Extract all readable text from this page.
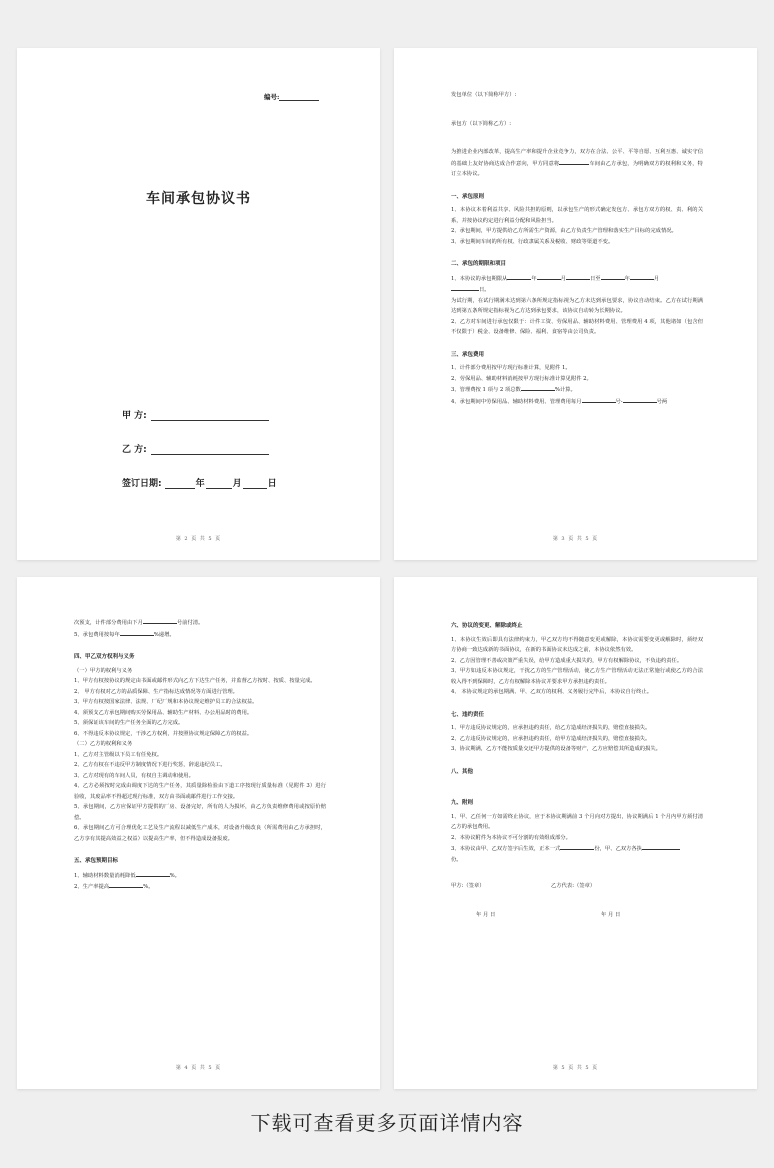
编号:
车间承包协议书
甲 方:
乙 方:
签订日期:	年	月	日
第 2 页 共 5 页

发包单位（以下简称甲方）:

承包方（以下简称乙方）:

为推进企业内部改革，提高生产率和提升企业竞争力，双方在合法、公平、平等自愿、互利互惠、诚实守信的基础上友好协商达成合作意向，甲方同意将	车间由乙方承包，为明确双方的权利和义务，特订立本协议。

一、承包原则

1、本协议本着利益共享、风险共担的原则，以承包生产的形式确定发包方、承包方双方的权、责、利的关系，并按协议约定进行利益分配和风险担当。

2、承包期间，甲方提供给乙方所需生产资源，由乙方负责生产管理和落实生产目标的完成情况。

3、承包期间车间的所有权、行政隶属关系及税收、财政等渠道不变。

二、承包的期限和项目

1、本协议的承包期限从	年	月	日至	年	月
日。

为试行期，在试行期满未达到第六条所规定指标视为乙方未达到承包要求，协议自动结束。乙方在试行期满达到第五条所规定指标视为乙方达到承包要求，该协议自动转为长期协议。

2、乙方对车间进行承包仅限于：计件工资、劳保用品、辅助材料费用、管理费用 4 项，其他诸如（包含但不仅限于）税金、设备维修、保险、福利、食宿等由公司负责。

三、承包费用

1、计件部分费用按甲方现行标准计算，见附件 1。

2、劳保用品、辅助材料消耗按甲方现行标准计算见附件 2。

3、管理费按 1 项与 2 项总数	%计算。

4、承包期间中劳保用品、辅助材料费用、管理费用每月	号-	号两

第 3 页 共 5 页

次预支，计件部分费用由下月	号前付清。

5、承包费用按每年	%递增。

四、甲乙双方权利与义务

（一）甲方的权利与义务

1、甲方有权按协议的规定由书面或邮件形式向乙方下达生产任务，并监督乙方按时、按质、按量完成。

2、 甲方有权对乙方的品质保障、生产指标达成情况等方面进行管理。

3、甲方有权按国家法律、法规、厂纪厂规和本协议规定维护员工的合法权益。

4、须预支乙方承包期间购买劳保用品、辅助生产材料、办公用品时的费用。

5、须保证该车间的生产任务全面的乙方完成。

6、不得违反本协议规定，干涉乙方权利，并按照协议规定保障乙方的权益。

（二）乙方的权利和义务

1、乙方对主管级以下员工有任免权。

2、乙方有权在不违反甲方制度情况下进行奖惩，辞退违纪员工。

3、乙方对现有的车间人员，有权自主调动和使用。

4、乙方必须按时完成由调度下达的生产任务，其质量除检验由下道工序按现行质量标准（见附件 3）进行验收，其废品率不得超过现行标准，双方由书面或邮件进行工作交接。

5、承包期间，乙方应保证甲方提供的厂房、设备完好，所有的人为损坏，由乙方负责维修费用或按原价赔偿。

6、承包期间乙方可合理优化工艺及生产流程以减低生产成本，对设备升级改良（所需费用由乙方承担时，乙方享有其提高效益之权益）以提高生产率，但不得造成设备报废。

五、承包预期目标

1、辅助材料数量消耗降低	%。

2、生产率提高	%。

第 4 页 共 5 页
六、协议的变更、解除或终止

1、本协议生效后即具有法律约束力，甲乙双方均不得随意变更或解除，本协议需要变更或解除时，须经双方协商一致达成新的书面协议，在新的书面协议未达成之前，本协议依然有效。

2、乙方因管理不善或决策严重失误，给甲方造成重大损失的，甲方有权解除协议，不负违约责任。

3、甲方如违反本协议规定，干扰乙方的生产管理活动，使乙方生产管理活动无法正常施行或使乙方的合法收入得不到保障时，乙方有权解除本协议并要求甲方承担违约责任。

4、 本协议规定的承包期满、甲、乙双方的权利、义务履行完毕后，本协议自行终止。

七、违约责任

1、甲方违反协议规定的，应承担违约责任，给乙方造成经济损失的，赔偿直接损失。

2、乙方违反协议规定的，应承担违约责任，给甲方造成经济损失的，赔偿直接损失。

3、协议期满，乙方不能按质量交还甲方提供的设备等财产，乙方应赔偿其所造成的损失。

八、其他
九、附则

1、甲、乙任何一方如需终止协议，应于本协议期满前 3 个月向对方提出，协议期满后 1 个月内甲方须付清乙方的承包费用。

2、本协议附件为本协议不可分割的有效组成部分。

3、本协议由甲、乙双方签字后生效，正本一式	份，甲、乙双方各执
份。

甲方:（签章）	乙方代表:（签章）
年 月 日	年 月 日
第 5 页 共 5 页
下载可查看更多页面详情内容
